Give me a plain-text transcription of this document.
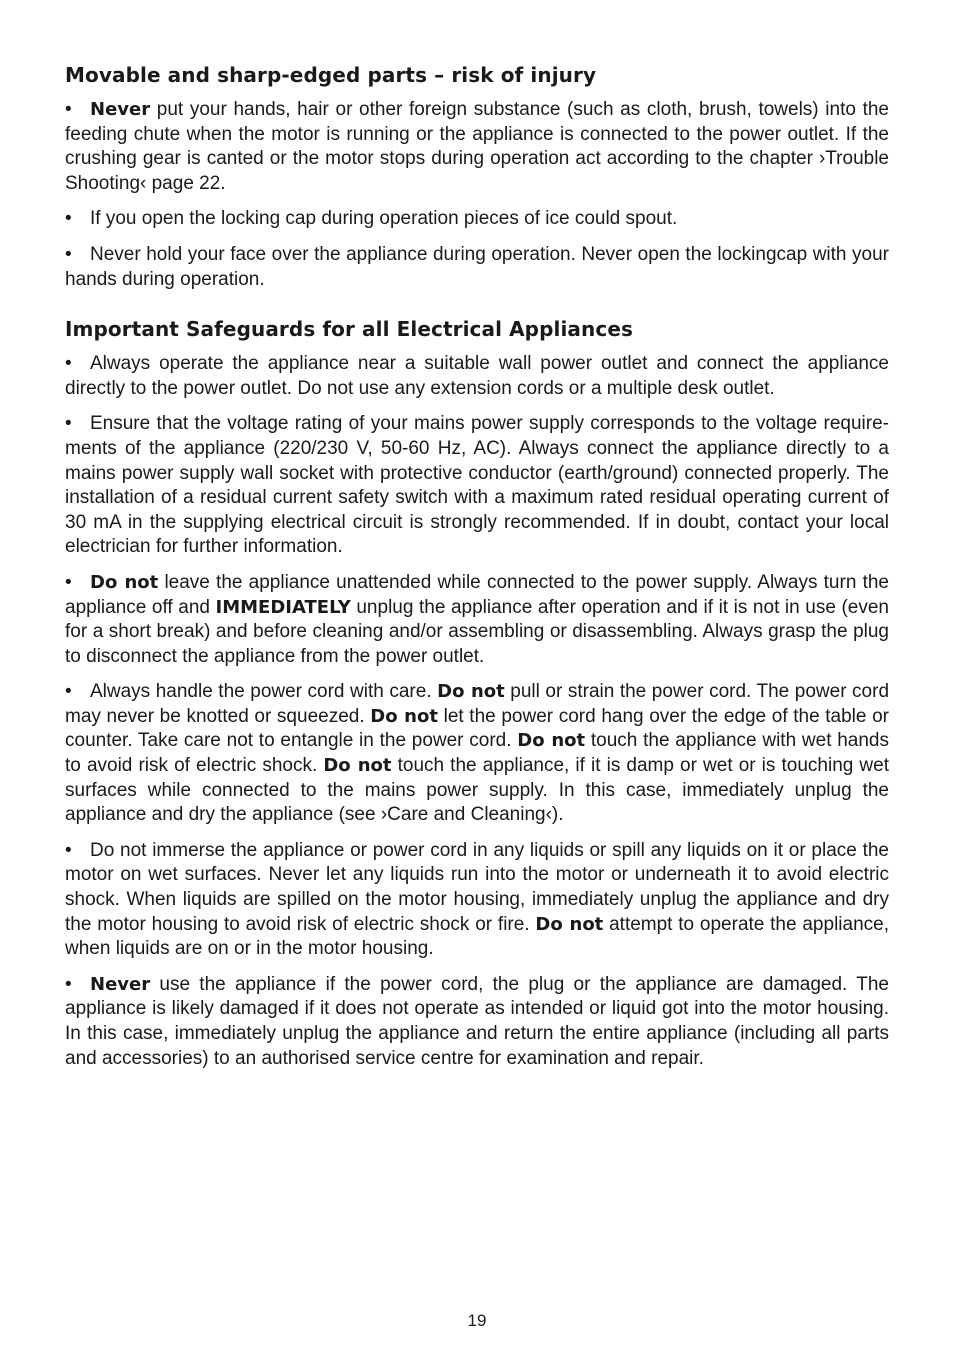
Movable and sharp-edged parts – risk of injury

• Never put your hands, hair or other foreign substance (such as cloth, brush, towels) into the feeding chute when the motor is running or the appliance is connected to the power outlet. If the crushing gear is canted or the motor stops during operation act according to the chapter ›Trouble Shooting‹ page 22.

• If you open the locking cap during operation pieces of ice could spout.

• Never hold your face over the appliance during operation. Never open the lockingcap with your hands during operation.

Important Safeguards for all Electrical Appliances

• Always operate the appliance near a suitable wall power outlet and connect the appliance directly to the power outlet. Do not use any extension cords or a multiple desk outlet.

• Ensure that the voltage rating of your mains power supply corresponds to the voltage requirements of the appliance (220/230 V, 50-60 Hz, AC). Always connect the appliance directly to a mains power supply wall socket with protective conductor (earth/ground) connected properly. The installation of a residual current safety switch with a maximum rated residual operating current of 30 mA in the supplying electrical circuit is strongly recommended. If in doubt, contact your local electrician for further information.

• Do not leave the appliance unattended while connected to the power supply. Always turn the appliance off and IMMEDIATELY unplug the appliance after operation and if it is not in use (even for a short break) and before cleaning and/or assembling or disassembling. Always grasp the plug to disconnect the appliance from the power outlet.

• Always handle the power cord with care. Do not pull or strain the power cord. The power cord may never be knotted or squeezed. Do not let the power cord hang over the edge of the table or counter. Take care not to entangle in the power cord. Do not touch the appliance with wet hands to avoid risk of electric shock. Do not touch the appliance, if it is damp or wet or is touching wet surfaces while connected to the mains power supply. In this case, immediately unplug the appliance and dry the appliance (see ›Care and Cleaning‹).

• Do not immerse the appliance or power cord in any liquids or spill any liquids on it or place the motor on wet surfaces. Never let any liquids run into the motor or underneath it to avoid electric shock. When liquids are spilled on the motor housing, immediately unplug the appliance and dry the motor housing to avoid risk of electric shock or fire. Do not attempt to operate the appliance, when liquids are on or in the motor housing.

• Never use the appliance if the power cord, the plug or the appliance are damaged. The appliance is likely damaged if it does not operate as intended or liquid got into the motor housing. In this case, immediately unplug the appliance and return the entire appliance (including all parts and accessories) to an authorised service centre for examination and repair.

19
